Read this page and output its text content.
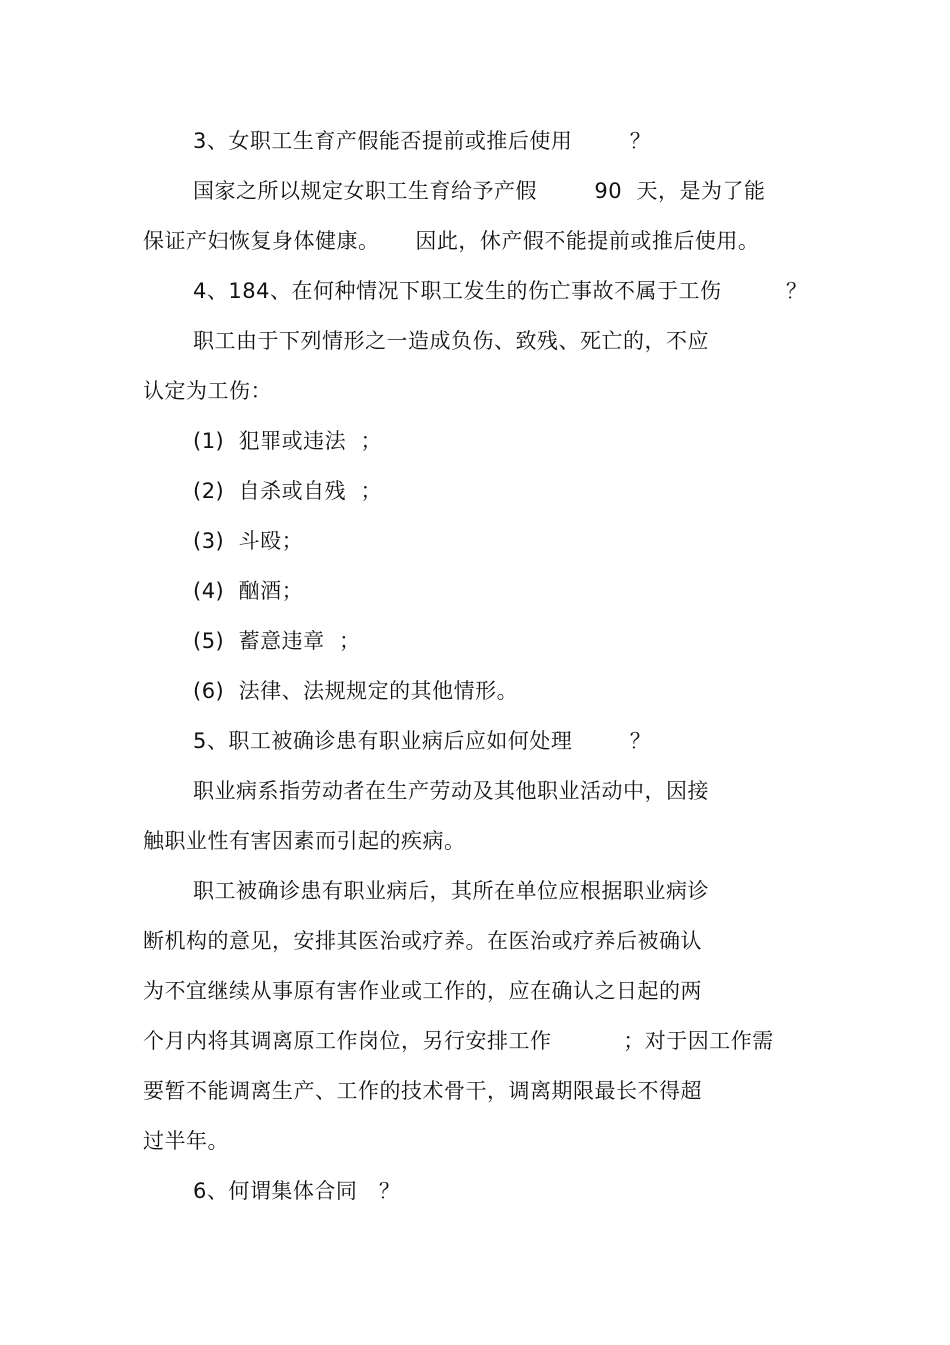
3、女职工生育产假能否提前或推后使用        ？
国家之所以规定女职工生育给予产假        90  天，是为了能
保证产妇恢复身体健康。     因此，休产假不能提前或推后使用。
4、184、在何种情况下职工发生的伤亡事故不属于工伤         ？
职工由于下列情形之一造成负伤、致残、死亡的，不应
认定为工伤：
(1)  犯罪或违法  ；
(2)  自杀或自残  ；
(3)  斗殴；
(4)  酗酒；
(5)  蓄意违章  ；
(6)  法律、法规规定的其他情形。
5、职工被确诊患有职业病后应如何处理        ？
职业病系指劳动者在生产劳动及其他职业活动中，因接
触职业性有害因素而引起的疾病。
职工被确诊患有职业病后，其所在单位应根据职业病诊
断机构的意见，安排其医治或疗养。在医治或疗养后被确认
为不宜继续从事原有害作业或工作的，应在确认之日起的两
个月内将其调离原工作岗位，另行安排工作          ；对于因工作需
要暂不能调离生产、工作的技术骨干，调离期限最长不得超
过半年。
6、何谓集体合同   ？
